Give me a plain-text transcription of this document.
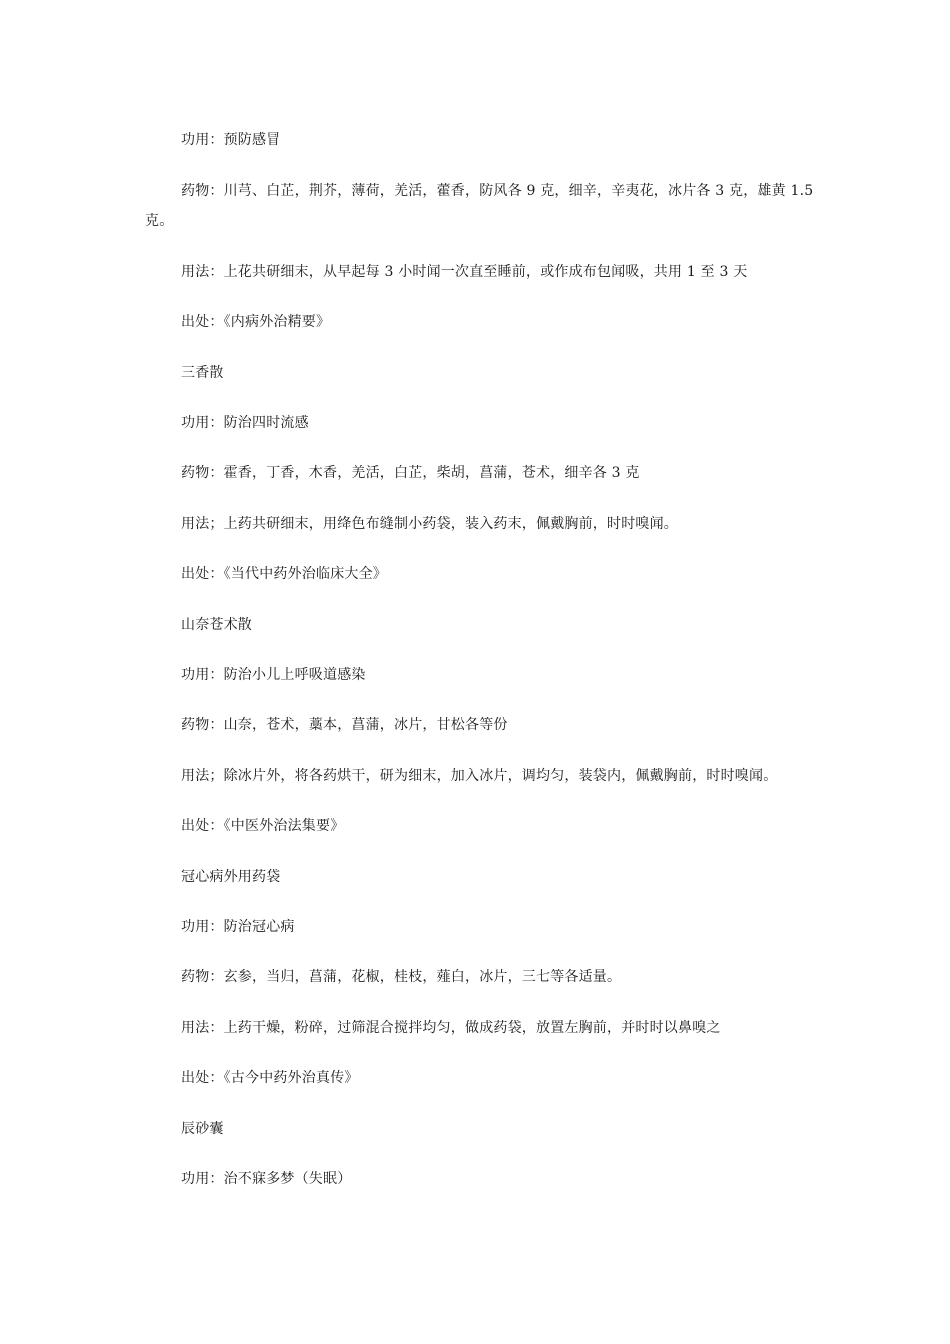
功用：预防感冒
药物：川芎、白芷，荆芥，薄荷，羌活，藿香，防风各 9 克，细辛，辛夷花，冰片各 3 克，雄黄 1.5
克。
用法：上花共研细末，从早起每 3 小时闻一次直至睡前，或作成布包闻吸，共用 1 至 3 天
出处：《内病外治精要》
三香散
功用：防治四时流感
药物：霍香，丁香，木香，羌活，白芷，柴胡，菖蒲，苍术，细辛各 3 克
用法；上药共研细末，用绛色布缝制小药袋，装入药末，佩戴胸前，时时嗅闻。
出处：《当代中药外治临床大全》
山奈苍术散
功用：防治小儿上呼吸道感染
药物：山奈，苍术，藁本，菖蒲，冰片，甘松各等份
用法；除冰片外，将各药烘干，研为细末，加入冰片，调均匀，装袋内，佩戴胸前，时时嗅闻。
出处：《中医外治法集要》
冠心病外用药袋
功用：防治冠心病
药物：玄参，当归，菖蒲，花椒，桂枝，薤白，冰片，三七等各适量。
用法：上药干燥，粉碎，过筛混合搅拌均匀，做成药袋，放置左胸前，并时时以鼻嗅之
出处：《古今中药外治真传》
辰砂囊
功用：治不寐多梦（失眠）
